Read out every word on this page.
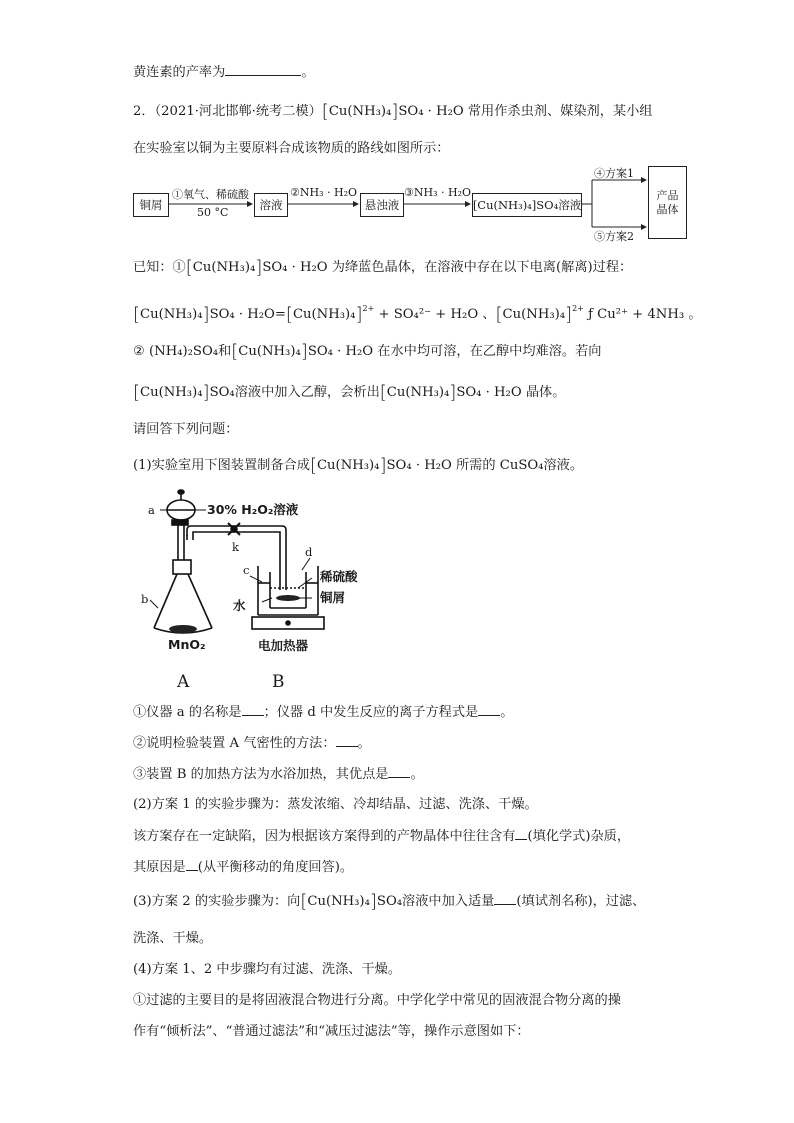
黄连素的产率为	。
2．（2021·河北邯郸·统考二模）[Cu(NH₃)₄]SO₄ · H₂O 常用作杀虫剂、媒染剂，某小组
在实验室以铜为主要原料合成该物质的路线如图所示：
铜屑
①氧气、稀硫酸
50 °C
溶液
②NH₃ · H₂O
悬浊液
③NH₃ · H₂O
[Cu(NH₃)₄]SO₄溶液
④方案1
⑤方案2
产品
晶体
已知：①[Cu(NH₃)₄]SO₄ · H₂O 为绛蓝色晶体，在溶液中存在以下电离(解离)过程：
$[Cu(NH_3)_4]SO_4 \cdot H_2O=[Cu(NH_3)_4]^{2+} + SO_4^{2-} + H_2O$ 、$[Cu(NH_3)_4]^{2+}$ ƒ Cu²⁺ + 4NH₃ 。
② (NH₄)₂SO₄和[Cu(NH₃)₄]SO₄ · H₂O 在水中均可溶，在乙醇中均难溶。若向
[Cu(NH₃)₄]SO₄溶液中加入乙醇，会析出[Cu(NH₃)₄]SO₄ · H₂O 晶体。
请回答下列问题：
(1)实验室用下图装置制备合成[Cu(NH₃)₄]SO₄ · H₂O 所需的 CuSO₄溶液。
a	30% H₂O₂溶液
k	d
c	稀硫酸
铜屑
b	水
MnO₂	电加热器
A	B
①仪器 a 的名称是 ；仪器 d 中发生反应的离子方程式是 。
②说明检验装置 A 气密性的方法： 。
③装置 B 的加热方法为水浴加热，其优点是 。
(2)方案 1 的实验步骤为：蒸发浓缩、冷却结晶、过滤、洗涤、干燥。
该方案存在一定缺陷，因为根据该方案得到的产物晶体中往往含有 (填化学式)杂质，
其原因是 (从平衡移动的角度回答)。
(3)方案 2 的实验步骤为：向[Cu(NH₃)₄]SO₄溶液中加入适量 (填试剂名称)，过滤、
洗涤、干燥。
(4)方案 1、2 中步骤均有过滤、洗涤、干燥。
①过滤的主要目的是将固液混合物进行分离。中学化学中常见的固液混合物分离的操
作有“倾析法”、“普通过滤法”和“减压过滤法”等，操作示意图如下：
